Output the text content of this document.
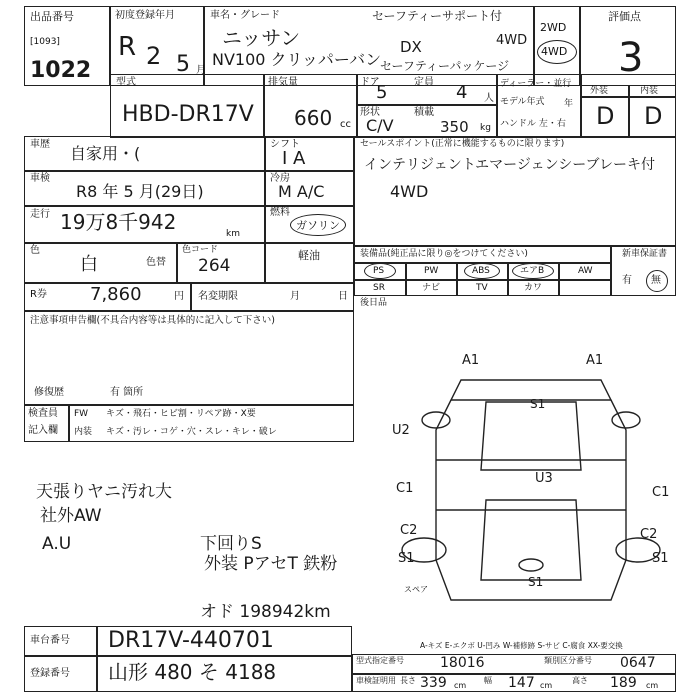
出品番号
[1093]
1022
初度登録年月
R 2 5 月
車名・グレード	セーフティーサポート付
ニッサン	4WD
NV100 クリッパーバン
DX
セーフティーパッケージ
2WD
4WD
評価点
3
型式
HBD-DR17V
排気量
660 cc
ドア
5	定員 4 人
形状
C/V
積載
350 kg
ディーラー・並行
モデル年式 年
ハンドル 左・右
外装	内装
D D
車歴 自家用・(	シフト
I A
車検
R8 年 5 月(29日)
冷房
M A/C
走行 19万8千942	km
燃料
ガソリン
軽油
色
白	色替
色コード
264
R券 7,860	円 名変期限	月	日
注意事項申告欄(不具合内容等は具体的に記入して下さい)
修復歴	有 箇所
セールスポイント(正常に機能するものに限ります)
インテリジェントエマージェンシーブレーキ付
4WD
装備品(純正品に限り◎をつけてください)	新車保証書
PS	PW	ABS	エアB	AW
SR	ナビ	TV	カワ
有 無
後日品
検査員
記入欄
FW キズ・飛石・ヒビ割・リペア跡・X要
内装 キズ・汚レ・コゲ・穴・スレ・キレ・破レ
天張りヤニ汚れ大
社外AW
A.U	下回りS
外装 PアセT 鉄粉
オド 198942km
A1	A1
S1
U2
U3
C1	C1
C2	C2
S1	S1
S1
スペア
車台番号 DR17V-440701
登録番号 山形 480 そ 4188
A-キズ E-エクボ U-凹み W-補修跡 S-サビ C-腐食 XX-要交換
型式指定番号	18016	類別区分番号 0647
車検証明用 長さ 339 cm
幅 147 cm
高さ 189 cm
